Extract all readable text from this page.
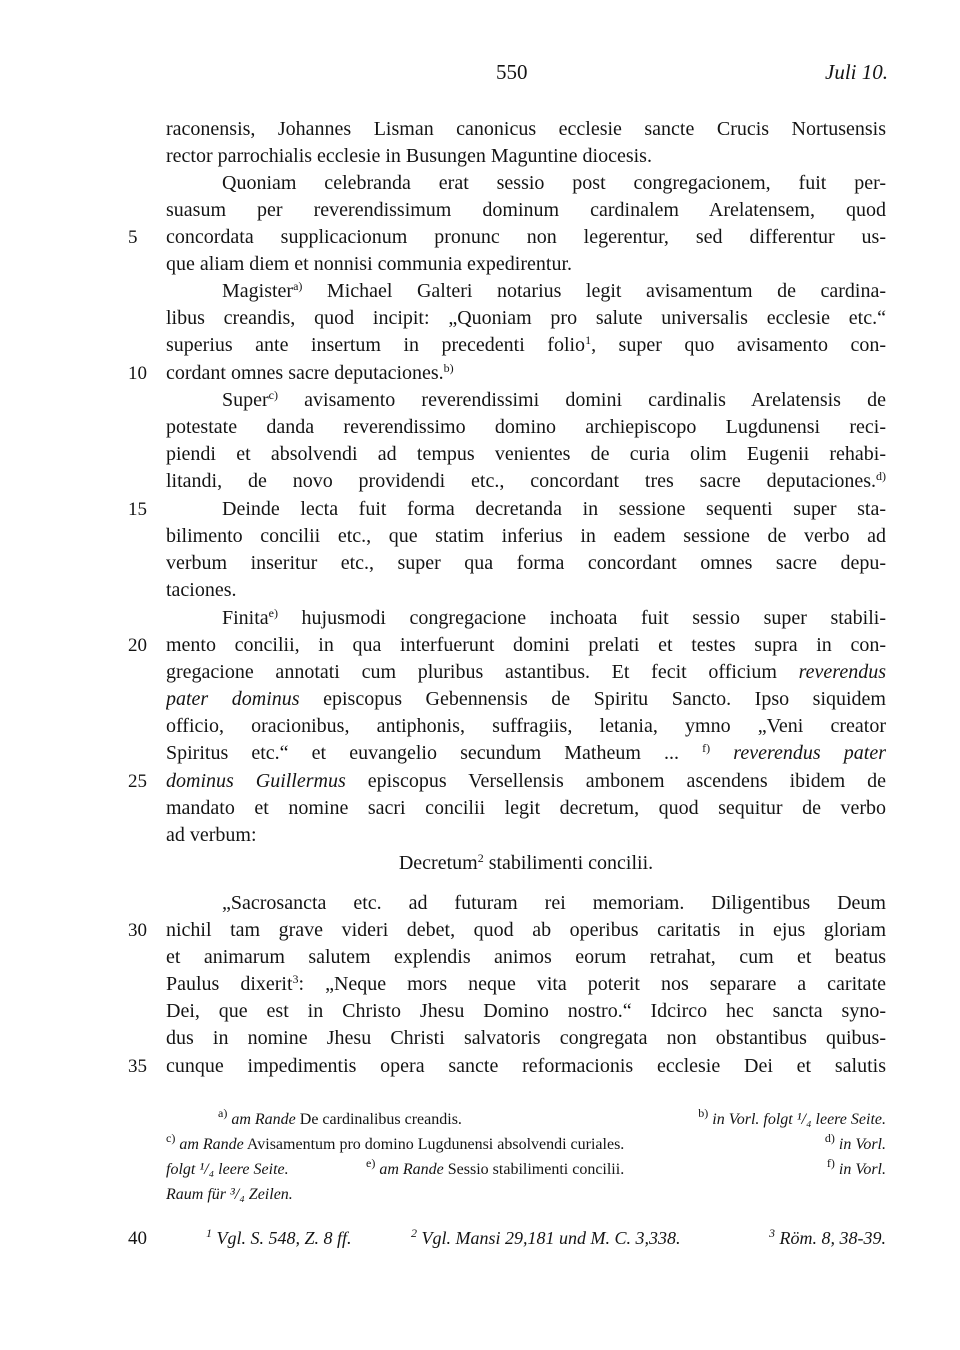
550	Juli 10.
5
10
15
20
25
30
35
40
raconensis, Johannes Lisman canonicus ecclesie sancte Crucis Nortusensis
rector parrochialis ecclesie in Busungen Maguntine diocesis.
Quoniam celebranda erat sessio post congregacionem, fuit per-
suasum per reverendissimum dominum cardinalem Arelatensem, quod
concordata supplicacionum pronunc non legerentur, sed differentur us-
que aliam diem et nonnisi communia expedirentur.
Magister$^{a)}$ Michael Galteri notarius legit avisamentum de cardina-
libus creandis, quod incipit: „Quoniam pro salute universalis ecclesie etc.“
superius ante insertum in precedenti folio$^1$, super quo avisamento con-
cordant omnes sacre deputaciones.$^{b)}$
Super$^{c)}$ avisamento reverendissimi domini cardinalis Arelatensis de
potestate danda reverendissimo domino archiepiscopo Lugdunensi reci-
piendi et absolvendi ad tempus venientes de curia olim Eugenii rehabi-
litandi, de novo providendi etc., concordant tres sacre deputaciones.$^{d)}$
Deinde lecta fuit forma decretanda in sessione sequenti super sta-
bilimento concilii etc., que statim inferius in eadem sessione de verbo ad
verbum inseritur etc., super qua forma concordant omnes sacre depu-
taciones.
Finita$^{e)}$ hujusmodi congregacione inchoata fuit sessio super stabili-
mento concilii, in qua interfuerunt domini prelati et testes supra in con-
gregacione annotati cum pluribus astantibus. Et fecit officium reverendus
pater dominus episcopus Gebennensis de Spiritu Sancto. Ipso siquidem
officio, oracionibus, antiphonis, suffragiis, letania, ymno „Veni creator
Spiritus etc.“ et euvangelio secundum Matheum ... $^{f)}$ reverendus pater
dominus Guillermus episcopus Versellensis ambonem ascendens ibidem de
mandato et nomine sacri concilii legit decretum, quod sequitur de verbo
ad verbum:
Decretum$^2$ stabilimenti concilii.
„Sacrosancta etc. ad futuram rei memoriam. Diligentibus Deum
nichil tam grave videri debet, quod ab operibus caritatis in ejus gloriam
et animarum salutem explendis animos eorum retrahat, cum et beatus
Paulus dixerit$^3$: „Neque mors neque vita poterit nos separare a caritate
Dei, que est in Christo Jhesu Domino nostro.“ Idcirco hec sancta syno-
dus in nomine Jhesu Christi salvatoris congregata non obstantibus quibus-
cunque impedimentis opera sancte reformacionis ecclesie Dei et salutis
$^{a)}$ am Rande De cardinalibus creandis.	$^{b)}$ in Vorl. folgt ¹/₄ leere Seite.
$^{c)}$ am Rande Avisamentum pro domino Lugdunensi absolvendi curiales.	$^{d)}$ in Vorl.
folgt ¹/₄ leere Seite.	$^{e)}$ am Rande Sessio stabilimenti concilii.	$^{f)}$ in Vorl.
Raum für ³/₄ Zeilen.
$^1$ Vgl. S. 548, Z. 8 ff.	$^2$ Vgl. Mansi 29,181 und M. C. 3,338.	$^3$ Röm. 8, 38-39.
